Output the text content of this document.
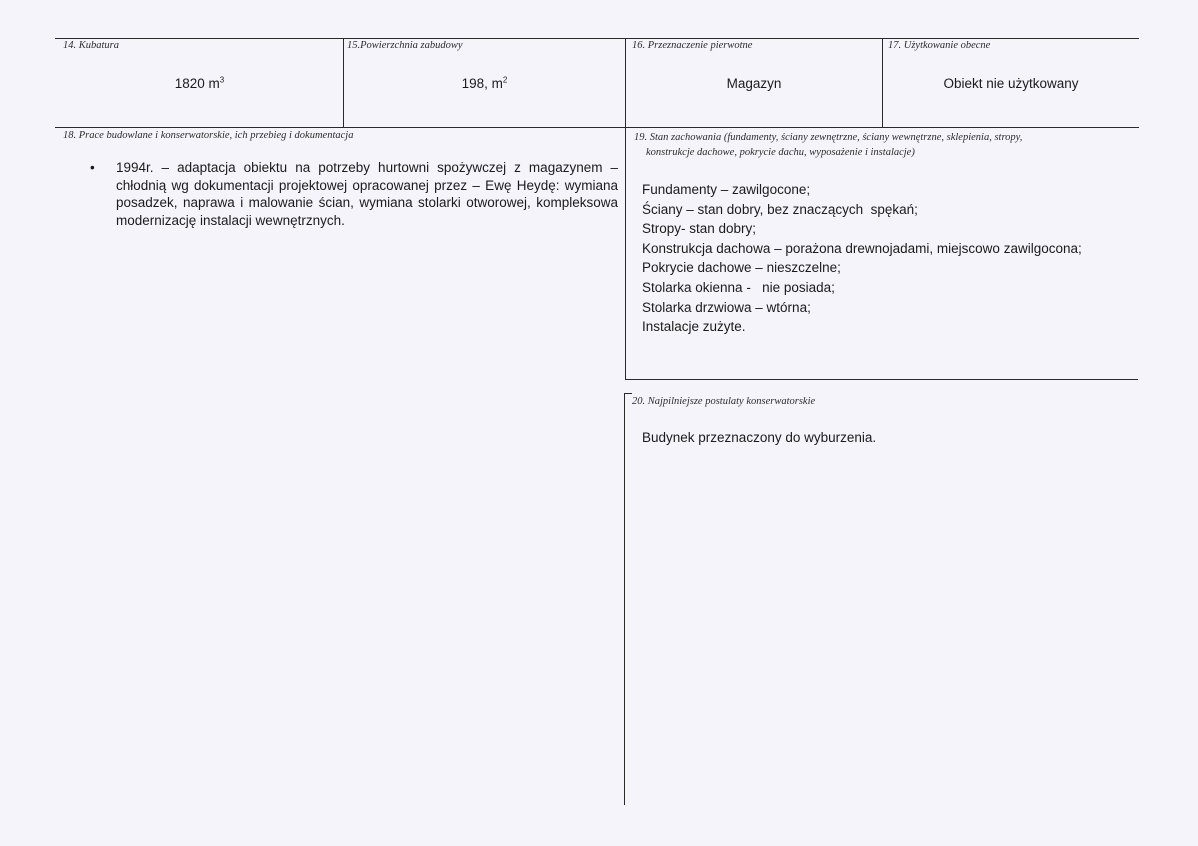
14. Kubatura
1820 $m^3$
15.Powierzchnia zabudowy
198, $m^2$
16. Przeznaczenie pierwotne
Magazyn
17. Użytkowanie obecne
Obiekt nie użytkowany
18. Prace budowlane i konserwatorskie, ich przebieg i dokumentacja
• 1994r. – adaptacja obiektu na potrzeby hurtowni spożywczej z magazynem – chłodnią wg dokumentacji projektowej opracowanej przez – Ewę Heydę: wymiana posadzek, naprawa i malowanie ścian, wymiana stolarki otworowej, kompleksowa modernizację instalacji wewnętrznych.
19. Stan zachowania (fundamenty, ściany zewnętrzne, ściany wewnętrzne, sklepienia, stropy,
konstrukcje dachowe, pokrycie dachu, wyposażenie i instalacje)
Fundamenty – zawilgocone;
Ściany – stan dobry, bez znaczących  spękań;
Stropy- stan dobry;
Konstrukcja dachowa – porażona drewnojadami, miejscowo zawilgocona;
Pokrycie dachowe – nieszczelne;
Stolarka okienna -   nie posiada;
Stolarka drzwiowa – wtórna;
Instalacje zużyte.
20. Najpilniejsze postulaty konserwatorskie
Budynek przeznaczony do wyburzenia.
